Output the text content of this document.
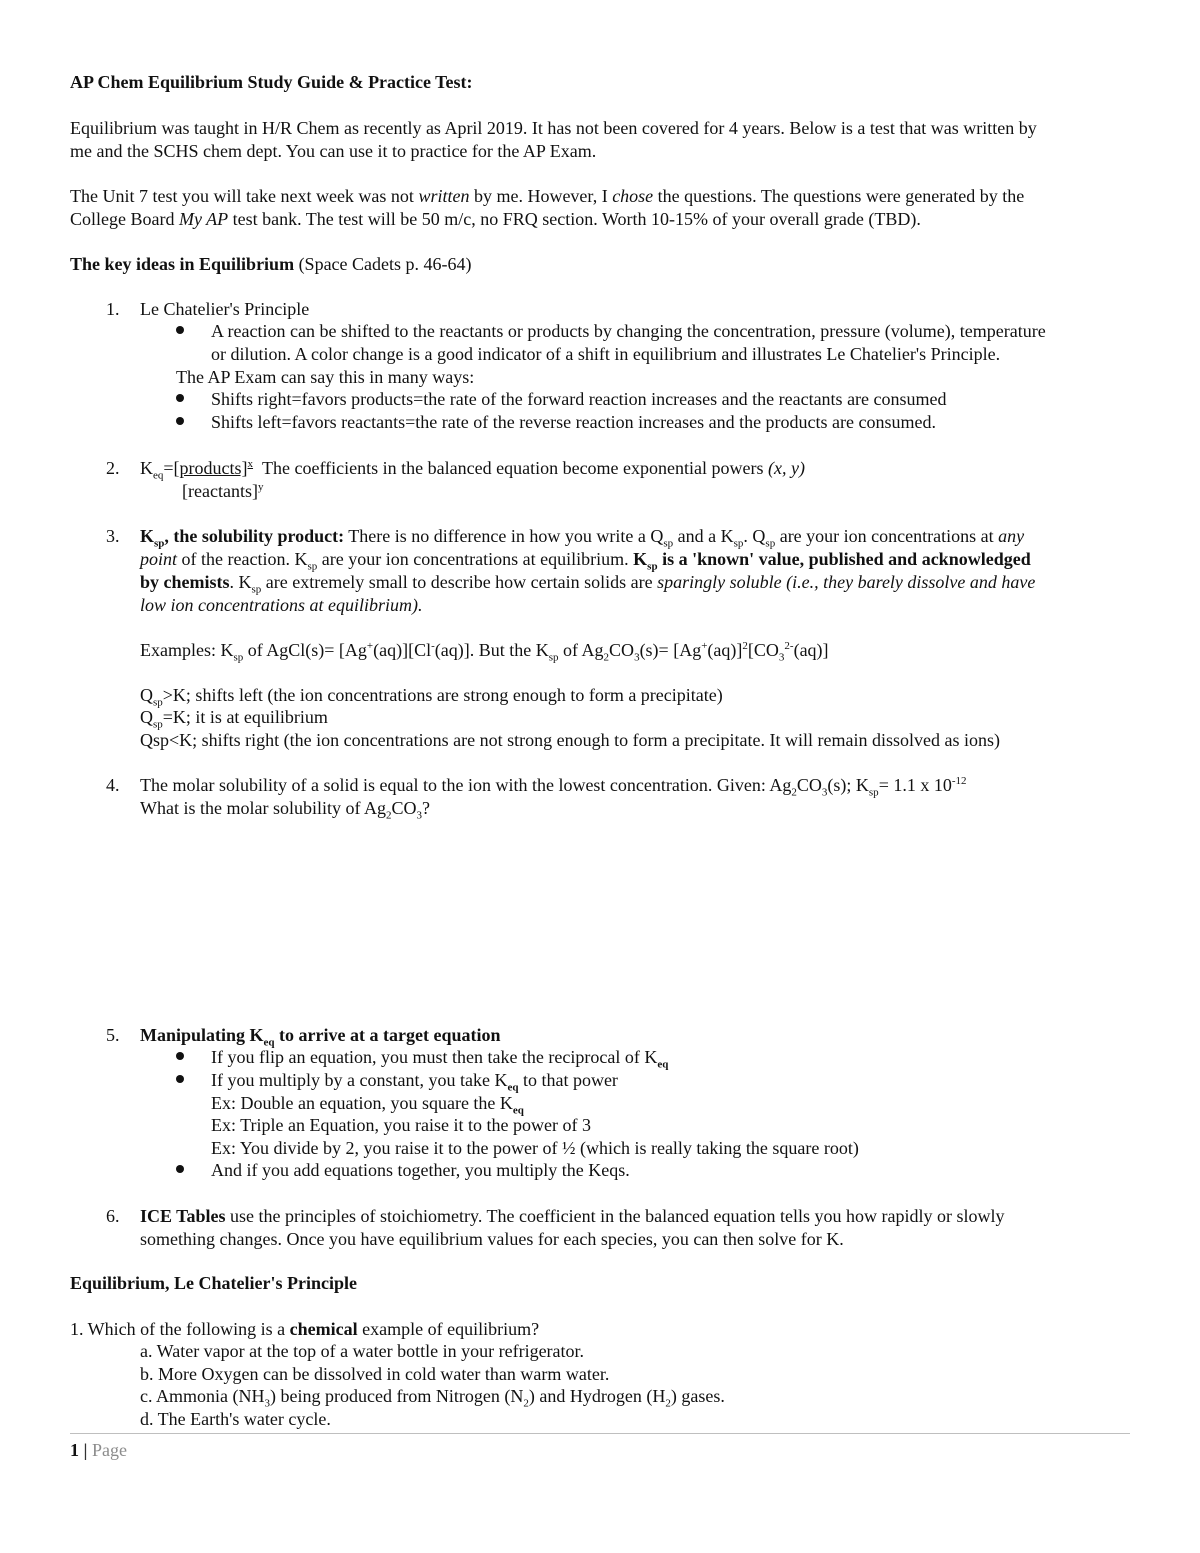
AP Chem Equilibrium Study Guide & Practice Test:
Equilibrium was taught in H/R Chem as recently as April 2019. It has not been covered for 4 years. Below is a test that was written by
me and the SCHS chem dept. You can use it to practice for the AP Exam.
The Unit 7 test you will take next week was not written by me. However, I chose the questions. The questions were generated by the
College Board My AP test bank. The test will be 50 m/c, no FRQ section. Worth 10-15% of your overall grade (TBD).
The key ideas in Equilibrium (Space Cadets p. 46-64)
1. Le Chatelier's Principle
A reaction can be shifted to the reactants or products by changing the concentration, pressure (volume), temperature
or dilution. A color change is a good indicator of a shift in equilibrium and illustrates Le Chatelier's Principle.
The AP Exam can say this in many ways:
Shifts right=favors products=the rate of the forward reaction increases and the reactants are consumed
Shifts left=favors reactants=the rate of the reverse reaction increases and the products are consumed.
2. $K_{eq}=[products]^x$ The coefficients in the balanced equation become exponential powers (x, y)
[reactants]$^y$
3. $K_{sp}$, the solubility product: There is no difference in how you write a $Q_{sp}$ and a $K_{sp}$. $Q_{sp}$ are your ion concentrations at any
point of the reaction. $K_{sp}$ are your ion concentrations at equilibrium. $K_{sp}$ is a 'known' value, published and acknowledged
by chemists. $K_{sp}$ are extremely small to describe how certain solids are sparingly soluble (i.e., they barely dissolve and have
low ion concentrations at equilibrium).
Examples: $K_{sp}$ of AgCl(s)= [Ag+(aq)][Cl-(aq)]. But the $K_{sp}$ of $Ag_2CO_3(s)= [Ag^+(aq)]^2[CO_3^{2-}(aq)]$
$Q_{sp}>K$; shifts left (the ion concentrations are strong enough to form a precipitate)
$Q_{sp}=K$; it is at equilibrium
Qsp<K; shifts right (the ion concentrations are not strong enough to form a precipitate. It will remain dissolved as ions)
4. The molar solubility of a solid is equal to the ion with the lowest concentration. Given: $Ag_2CO_3(s)$; $K_{sp}= 1.1$ x $10^{-12}$
What is the molar solubility of $Ag_2CO_3$?
5. Manipulating $K_{eq}$ to arrive at a target equation
If you flip an equation, you must then take the reciprocal of $K_{eq}$
If you multiply by a constant, you take $K_{eq}$ to that power
Ex: Double an equation, you square the $K_{eq}$
Ex: Triple an Equation, you raise it to the power of 3
Ex: You divide by 2, you raise it to the power of ½ (which is really taking the square root)
And if you add equations together, you multiply the Keqs.
6. ICE Tables use the principles of stoichiometry. The coefficient in the balanced equation tells you how rapidly or slowly
something changes. Once you have equilibrium values for each species, you can then solve for K.
Equilibrium, Le Chatelier's Principle
1. Which of the following is a chemical example of equilibrium?
a. Water vapor at the top of a water bottle in your refrigerator.
b. More Oxygen can be dissolved in cold water than warm water.
c. Ammonia $(NH_3)$ being produced from Nitrogen $(N_2)$ and Hydrogen $(H_2)$ gases.
d. The Earth's water cycle.
1 | Page
